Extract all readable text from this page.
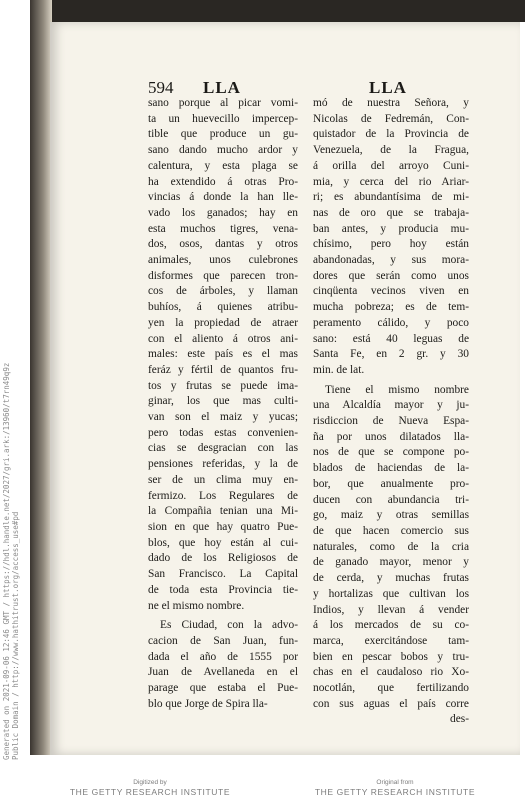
594 LLA	LLA
sano porque al picar vomi-
ta un huevecillo impercep-
tible que produce un gu-
sano dando mucho ardor y
calentura, y esta plaga se
ha extendido á otras Pro-
vincias á donde la han lle-
vado los ganados; hay en
esta muchos tigres, vena-
dos, osos, dantas y otros
animales, unos culebrones
disformes que parecen tron-
cos de árboles, y llaman
buhíos, á quienes atribu-
yen la propiedad de atraer
con el aliento á otros ani-
males: este país es el mas
feráz y fértil de quantos fru-
tos y frutas se puede ima-
ginar, los que mas culti-
van son el maiz y yucas;
pero todas estas convenien-
cias se desgracian con las
pensiones referidas, y la de
ser de un clima muy en-
fermizo. Los Regulares de
la Compañia tenian una Mi-
sion en que hay quatro Pue-
blos, que hoy están al cui-
dado de los Religiosos de
San Francisco. La Capital
de toda esta Provincia tie-
ne el mismo nombre.
Es Ciudad, con la advo-
cacion de San Juan, fun-
dada el año de 1555 por
Juan de Avellaneda en el
parage que estaba el Pue-
blo que Jorge de Spira lla-
mó de nuestra Señora, y
Nicolas de Fedremán, Con-
quistador de la Provincia de
Venezuela, de la Fragua,
á orilla del arroyo Cuni-
mia, y cerca del rio Ariar-
ri; es abundantísima de mi-
nas de oro que se trabaja-
ban antes, y producia mu-
chísimo, pero hoy están
abandonadas, y sus mora-
dores que serán como unos
cinqüenta vecinos viven en
mucha pobreza; es de tem-
peramento cálido, y poco
sano: está 40 leguas de
Santa Fe, en 2 gr. y 30
min. de lat.
Tiene el mismo nombre
una Alcaldía mayor y ju-
risdiccion de Nueva Espa-
ña por unos dilatados lla-
nos de que se compone po-
blados de haciendas de la-
bor, que anualmente pro-
ducen con abundancia tri-
go, maiz y otras semillas
de que hacen comercio sus
naturales, como de la cria
de ganado mayor, menor y
de cerda, y muchas frutas
y hortalizas que cultivan los
Indios, y llevan á vender
á los mercados de su co-
marca, exercitándose tam-
bien en pescar bobos y tru-
chas en el caudaloso rio Xo-
nocotlán, que fertilizando
con sus aguas el país corre
des-
Generated on 2021-09-06 12:46 GMT / https://hdl.handle.net/2027/gri.ark:/13960/t7rn49q9z
Public Domain / http://www.hathitrust.org/access_use#pd
Digitized by
THE GETTY RESEARCH INSTITUTE
Original from
THE GETTY RESEARCH INSTITUTE
